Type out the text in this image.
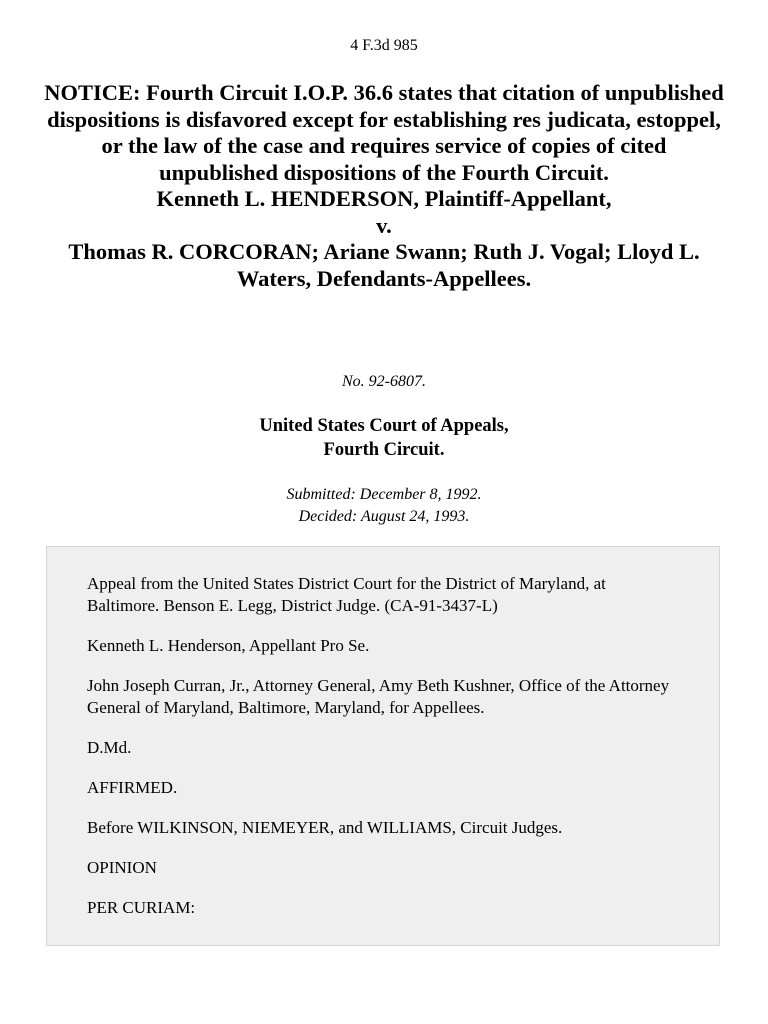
4 F.3d 985
NOTICE: Fourth Circuit I.O.P. 36.6 states that citation of unpublished dispositions is disfavored except for establishing res judicata, estoppel, or the law of the case and requires service of copies of cited unpublished dispositions of the Fourth Circuit.
Kenneth L. HENDERSON, Plaintiff-Appellant,
v.
Thomas R. CORCORAN; Ariane Swann; Ruth J. Vogal; Lloyd L.
Waters, Defendants-Appellees.
No. 92-6807.
United States Court of Appeals,
Fourth Circuit.
Submitted: December 8, 1992.
Decided: August 24, 1993.

Appeal from the United States District Court for the District of Maryland, at Baltimore. Benson E. Legg, District Judge. (CA-91-3437-L)

Kenneth L. Henderson, Appellant Pro Se.

John Joseph Curran, Jr., Attorney General, Amy Beth Kushner, Office of the Attorney General of Maryland, Baltimore, Maryland, for Appellees.

D.Md.

AFFIRMED.

Before WILKINSON, NIEMEYER, and WILLIAMS, Circuit Judges.

OPINION

PER CURIAM:
